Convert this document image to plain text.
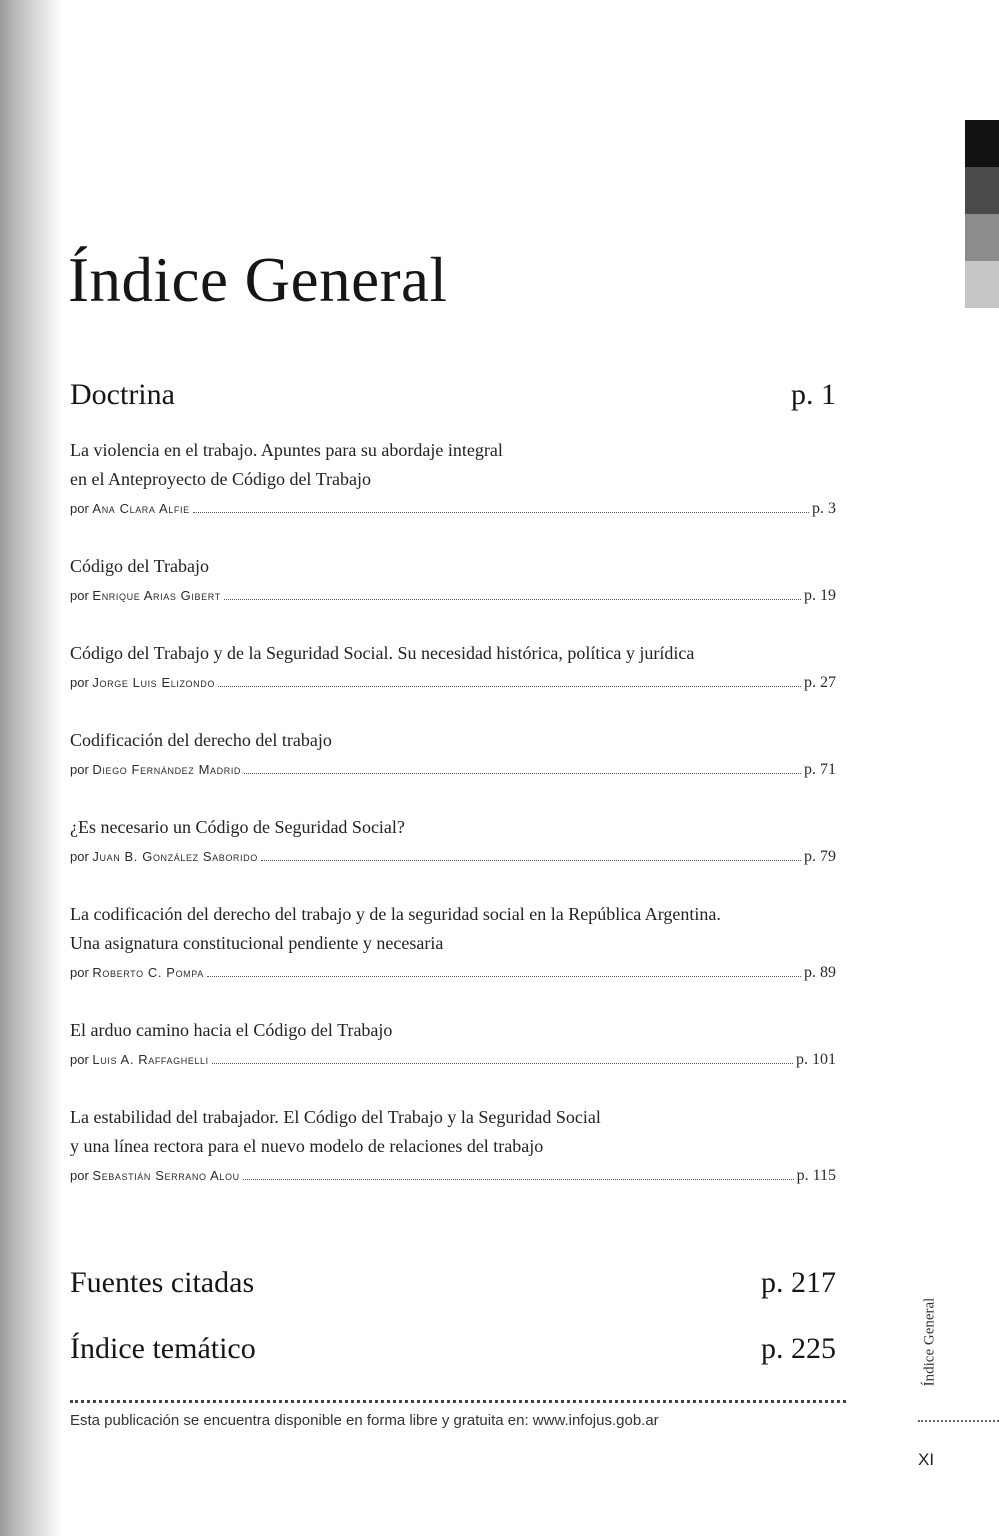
Índice General
Doctrina	p. 1
La violencia en el trabajo. Apuntes para su abordaje integral
en el Anteproyecto de Código del Trabajo
por
Ana Clara Alfie	p. 3
Código del Trabajo
por
Enrique Arias Gibert	p. 19
Código del Trabajo y de la Seguridad Social. Su necesidad histórica, política y jurídica
por
Jorge Luis Elizondo	p. 27
Codificación del derecho del trabajo
por
Diego Fernández Madrid	p. 71
¿Es necesario un Código de Seguridad Social?
por
Juan B. González Saborido	p. 79
La codificación del derecho del trabajo y de la seguridad social en la República Argentina.
Una asignatura constitucional pendiente y necesaria
por
Roberto C. Pompa	p. 89
El arduo camino hacia el Código del Trabajo
por
Luis A. Raffaghelli	p. 101
La estabilidad del trabajador. El Código del Trabajo y la Seguridad Social
y una línea rectora para el nuevo modelo de relaciones del trabajo
por
Sebastián Serrano Alou	p. 115
Fuentes citadas	p. 217
Índice temático	p. 225
Esta publicación se encuentra disponible en forma libre y gratuita en: www.infojus.gob.ar
Índice General
XI
